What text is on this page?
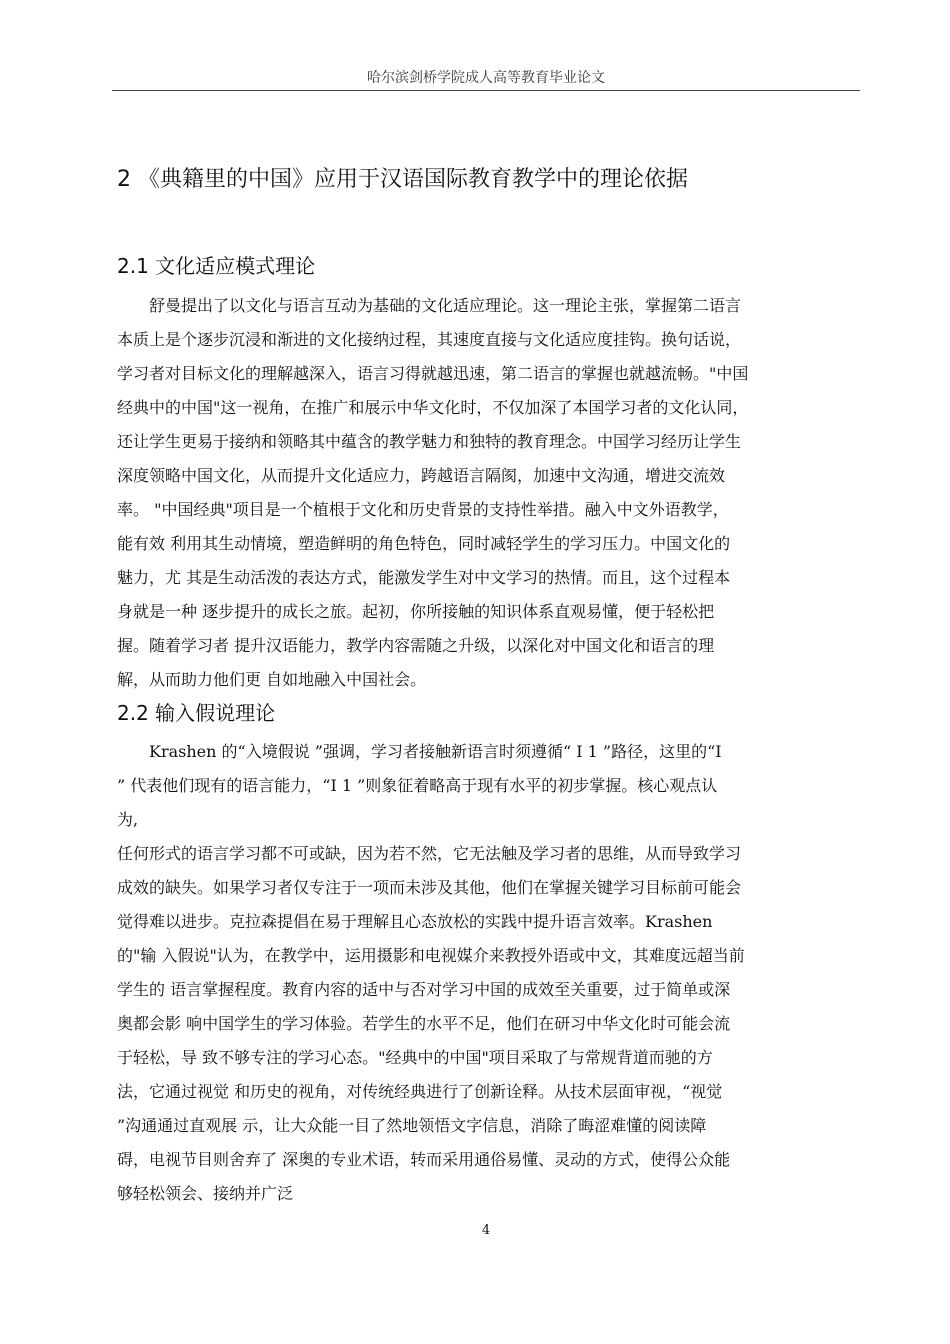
哈尔滨剑桥学院成人高等教育毕业论文
2 《典籍里的中国》应用于汉语国际教育教学中的理论依据
2.1 文化适应模式理论
　　舒曼提出了以文化与语言互动为基础的文化适应理论。这一理论主张，掌握第二语言
本质上是个逐步沉浸和渐进的文化接纳过程，其速度直接与文化适应度挂钩。换句话说，
学习者对目标文化的理解越深入，语言习得就越迅速，第二语言的掌握也就越流畅。"中国
经典中的中国"这一视角，在推广和展示中华文化时，不仅加深了本国学习者的文化认同，
还让学生更易于接纳和领略其中蕴含的教学魅力和独特的教育理念。中国学习经历让学生
深度领略中国文化，从而提升文化适应力，跨越语言隔阂，加速中文沟通，增进交流效
率。 "中国经典"项目是一个植根于文化和历史背景的支持性举措。融入中文外语教学，
能有效 利用其生动情境，塑造鲜明的角色特色，同时减轻学生的学习压力。中国文化的
魅力，尤 其是生动活泼的表达方式，能激发学生对中文学习的热情。而且，这个过程本
身就是一种 逐步提升的成长之旅。起初，你所接触的知识体系直观易懂，便于轻松把
握。随着学习者 提升汉语能力，教学内容需随之升级，以深化对中国文化和语言的理
解，从而助力他们更 自如地融入中国社会。
2.2 输入假说理论
　　Krashen 的“入境假说 ”强调，学习者接触新语言时须遵循“ I 1 ”路径，这里的“I
” 代表他们现有的语言能力，“I 1 ”则象征着略高于现有水平的初步掌握。核心观点认
为,
任何形式的语言学习都不可或缺，因为若不然，它无法触及学习者的思维，从而导致学习
成效的缺失。如果学习者仅专注于一项而未涉及其他，他们在掌握关键学习目标前可能会
觉得难以进步。克拉森提倡在易于理解且心态放松的实践中提升语言效率。Krashen
的"输 入假说"认为，在教学中，运用摄影和电视媒介来教授外语或中文，其难度远超当前
学生的 语言掌握程度。教育内容的适中与否对学习中国的成效至关重要，过于简单或深
奥都会影 响中国学生的学习体验。若学生的水平不足，他们在研习中华文化时可能会流
于轻松，导 致不够专注的学习心态。"经典中的中国"项目采取了与常规背道而驰的方
法，它通过视觉 和历史的视角，对传统经典进行了创新诠释。从技术层面审视，“视觉
”沟通通过直观展 示，让大众能一目了然地领悟文字信息，消除了晦涩难懂的阅读障
碍，电视节目则舍弃了 深奥的专业术语，转而采用通俗易懂、灵动的方式，使得公众能
够轻松领会、接纳并广泛
4
